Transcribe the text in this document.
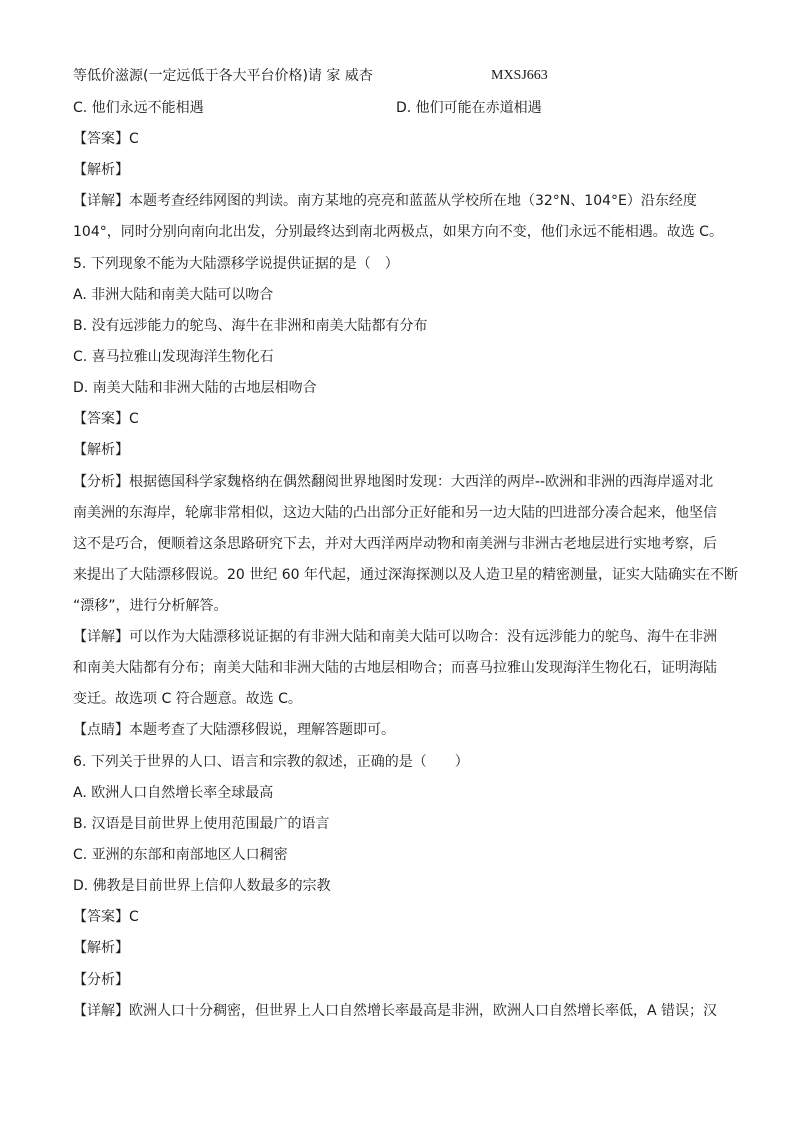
等低价滋源(一定远低于各大平台价格)请 家 威杏	MXSJ663
C. 他们永远不能相遇	D. 他们可能在赤道相遇
【答案】C
【解析】
【详解】本题考查经纬网图的判读。南方某地的亮亮和蓝蓝从学校所在地（32°N、104°E）沿东经度
104°，同时分别向南向北出发，分别最终达到南北两极点，如果方向不变，他们永远不能相遇。故选 C。
5. 下列现象不能为大陆漂移学说提供证据的是（　）
A. 非洲大陆和南美大陆可以吻合
B. 没有远涉能力的鸵鸟、海牛在非洲和南美大陆都有分布
C. 喜马拉雅山发现海洋生物化石
D. 南美大陆和非洲大陆的古地层相吻合
【答案】C
【解析】
【分析】根据德国科学家魏格纳在偶然翻阅世界地图时发现：大西洋的两岸--欧洲和非洲的西海岸遥对北
南美洲的东海岸，轮廓非常相似，这边大陆的凸出部分正好能和另一边大陆的凹进部分凑合起来，他坚信
这不是巧合，便顺着这条思路研究下去，并对大西洋两岸动物和南美洲与非洲古老地层进行实地考察，后
来提出了大陆漂移假说。20 世纪 60 年代起，通过深海探测以及人造卫星的精密测量，证实大陆确实在不断
“漂移”，进行分析解答。
【详解】可以作为大陆漂移说证据的有非洲大陆和南美大陆可以吻合：没有远涉能力的鸵鸟、海牛在非洲
和南美大陆都有分布；南美大陆和非洲大陆的古地层相吻合；而喜马拉雅山发现海洋生物化石，证明海陆
变迁。故选项 C 符合题意。故选 C。
【点睛】本题考查了大陆漂移假说，理解答题即可。
6. 下列关于世界的人口、语言和宗教的叙述，正确的是（　　）
A. 欧洲人口自然增长率全球最高
B. 汉语是目前世界上使用范围最广的语言
C. 亚洲的东部和南部地区人口稠密
D. 佛教是目前世界上信仰人数最多的宗教
【答案】C
【解析】
【分析】
【详解】欧洲人口十分稠密，但世界上人口自然增长率最高是非洲，欧洲人口自然增长率低，A 错误；汉
